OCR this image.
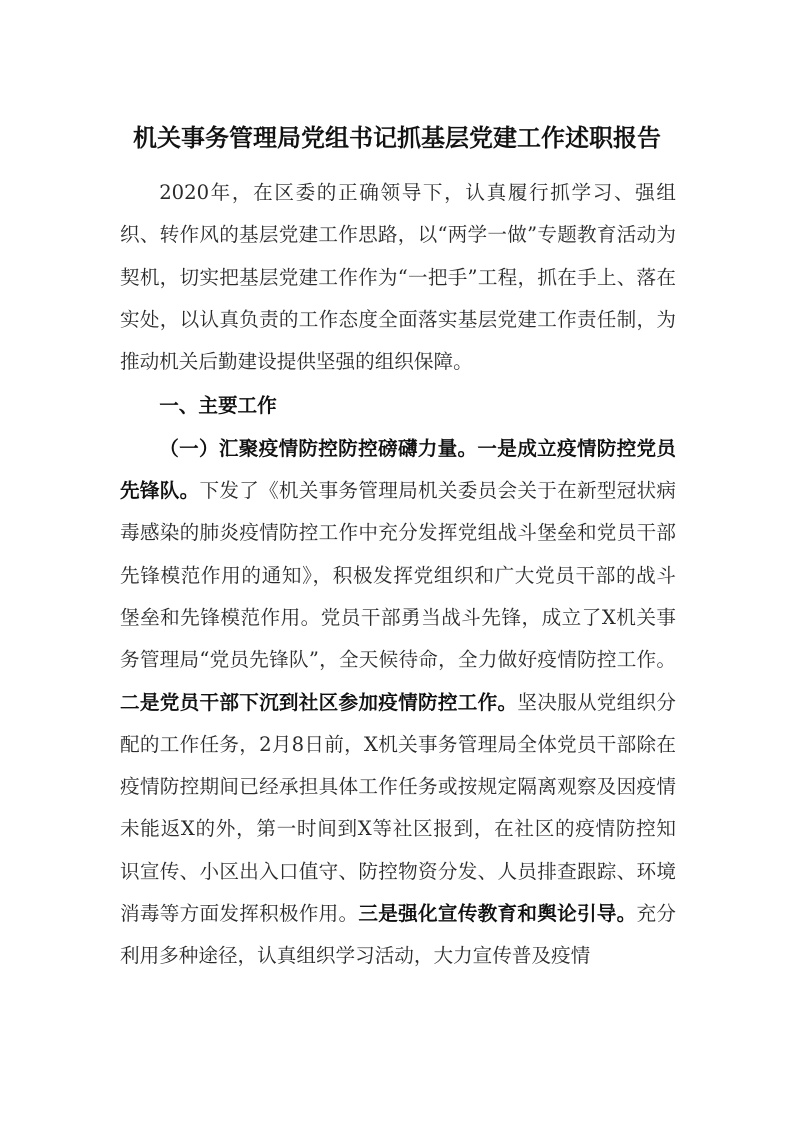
机关事务管理局党组书记抓基层党建工作述职报告

2020年，在区委的正确领导下，认真履行抓学习、强组织、转作风的基层党建工作思路，以“两学一做”专题教育活动为契机，切实把基层党建工作作为“一把手”工程，抓在手上、落在实处，以认真负责的工作态度全面落实基层党建工作责任制，为推动机关后勤建设提供坚强的组织保障。

一、主要工作

（一）汇聚疫情防控防控磅礴力量。一是成立疫情防控党员先锋队。下发了《机关事务管理局机关委员会关于在新型冠状病毒感染的肺炎疫情防控工作中充分发挥党组战斗堡垒和党员干部先锋模范作用的通知》，积极发挥党组织和广大党员干部的战斗堡垒和先锋模范作用。党员干部勇当战斗先锋，成立了X机关事务管理局“党员先锋队”，全天候待命，全力做好疫情防控工作。二是党员干部下沉到社区参加疫情防控工作。坚决服从党组织分配的工作任务，2月8日前，X机关事务管理局全体党员干部除在疫情防控期间已经承担具体工作任务或按规定隔离观察及因疫情未能返X的外，第一时间到X等社区报到，在社区的疫情防控知识宣传、小区出入口值守、防控物资分发、人员排查跟踪、环境消毒等方面发挥积极作用。三是强化宣传教育和舆论引导。充分利用多种途径，认真组织学习活动，大力宣传普及疫情
